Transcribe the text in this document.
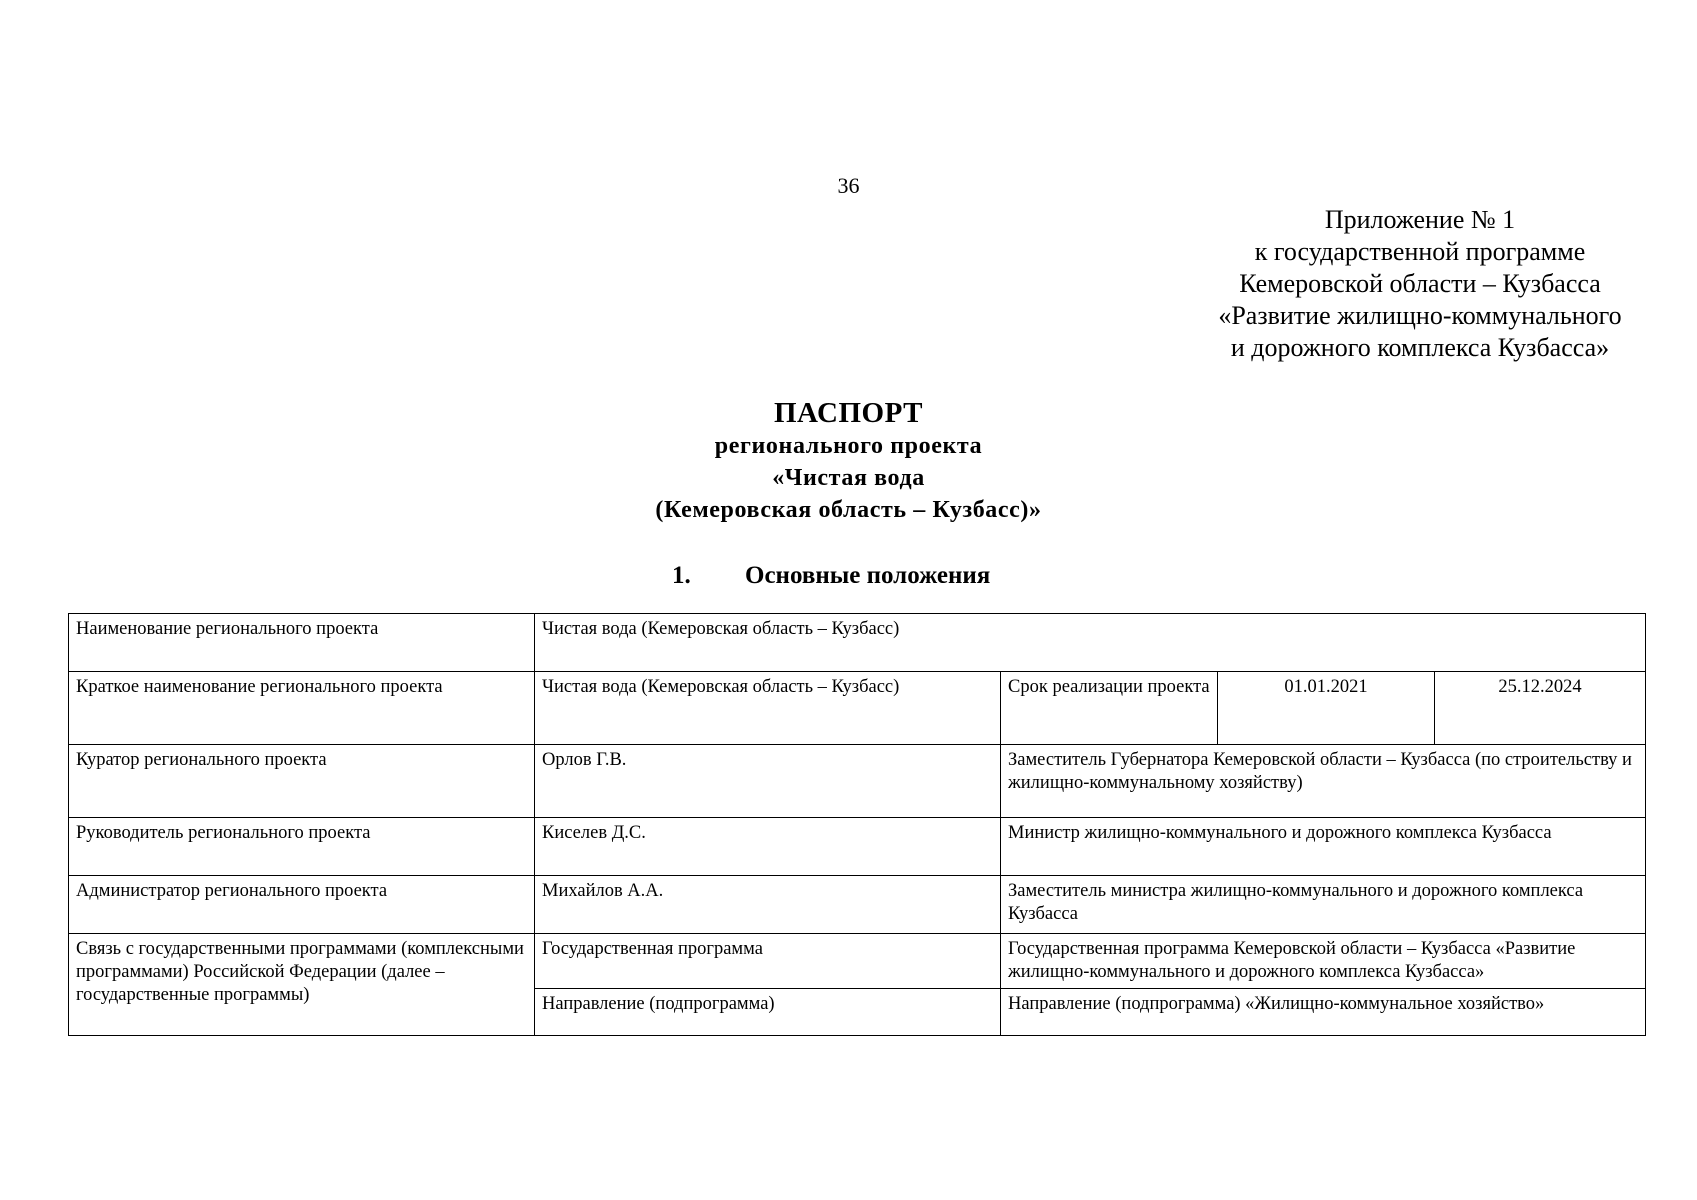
36
Приложение № 1
к государственной программе
Кемеровской области – Кузбасса
«Развитие жилищно-коммунального
и дорожного комплекса Кузбасса»
ПАСПОРТ
регионального проекта
«Чистая вода
(Кемеровская область – Кузбасс)»
1. Основные положения
Наименование регионального проекта	Чистая вода (Кемеровская область – Кузбасс)			
Краткое наименование регионального проекта	Чистая вода (Кемеровская область – Кузбасс)	Срок реализации проекта	01.01.2021	25.12.2024
Куратор регионального проекта	Орлов Г.В.	Заместитель Губернатора Кемеровской области – Кузбасса (по строительству и жилищно-коммунальному хозяйству)		
Руководитель регионального проекта	Киселев Д.С.	Министр жилищно-коммунального и дорожного комплекса Кузбасса		
Администратор регионального проекта	Михайлов А.А.	Заместитель министра жилищно-коммунального и дорожного комплекса Кузбасса		
Связь с государственными программами (комплексными программами) Российской Федерации (далее – государственные программы)	Государственная программа	Государственная программа Кемеровской области – Кузбасса «Развитие жилищно-коммунального и дорожного комплекса Кузбасса»		
	Направление (подпрограмма)	Направление (подпрограмма) «Жилищно-коммунальное хозяйство»		
